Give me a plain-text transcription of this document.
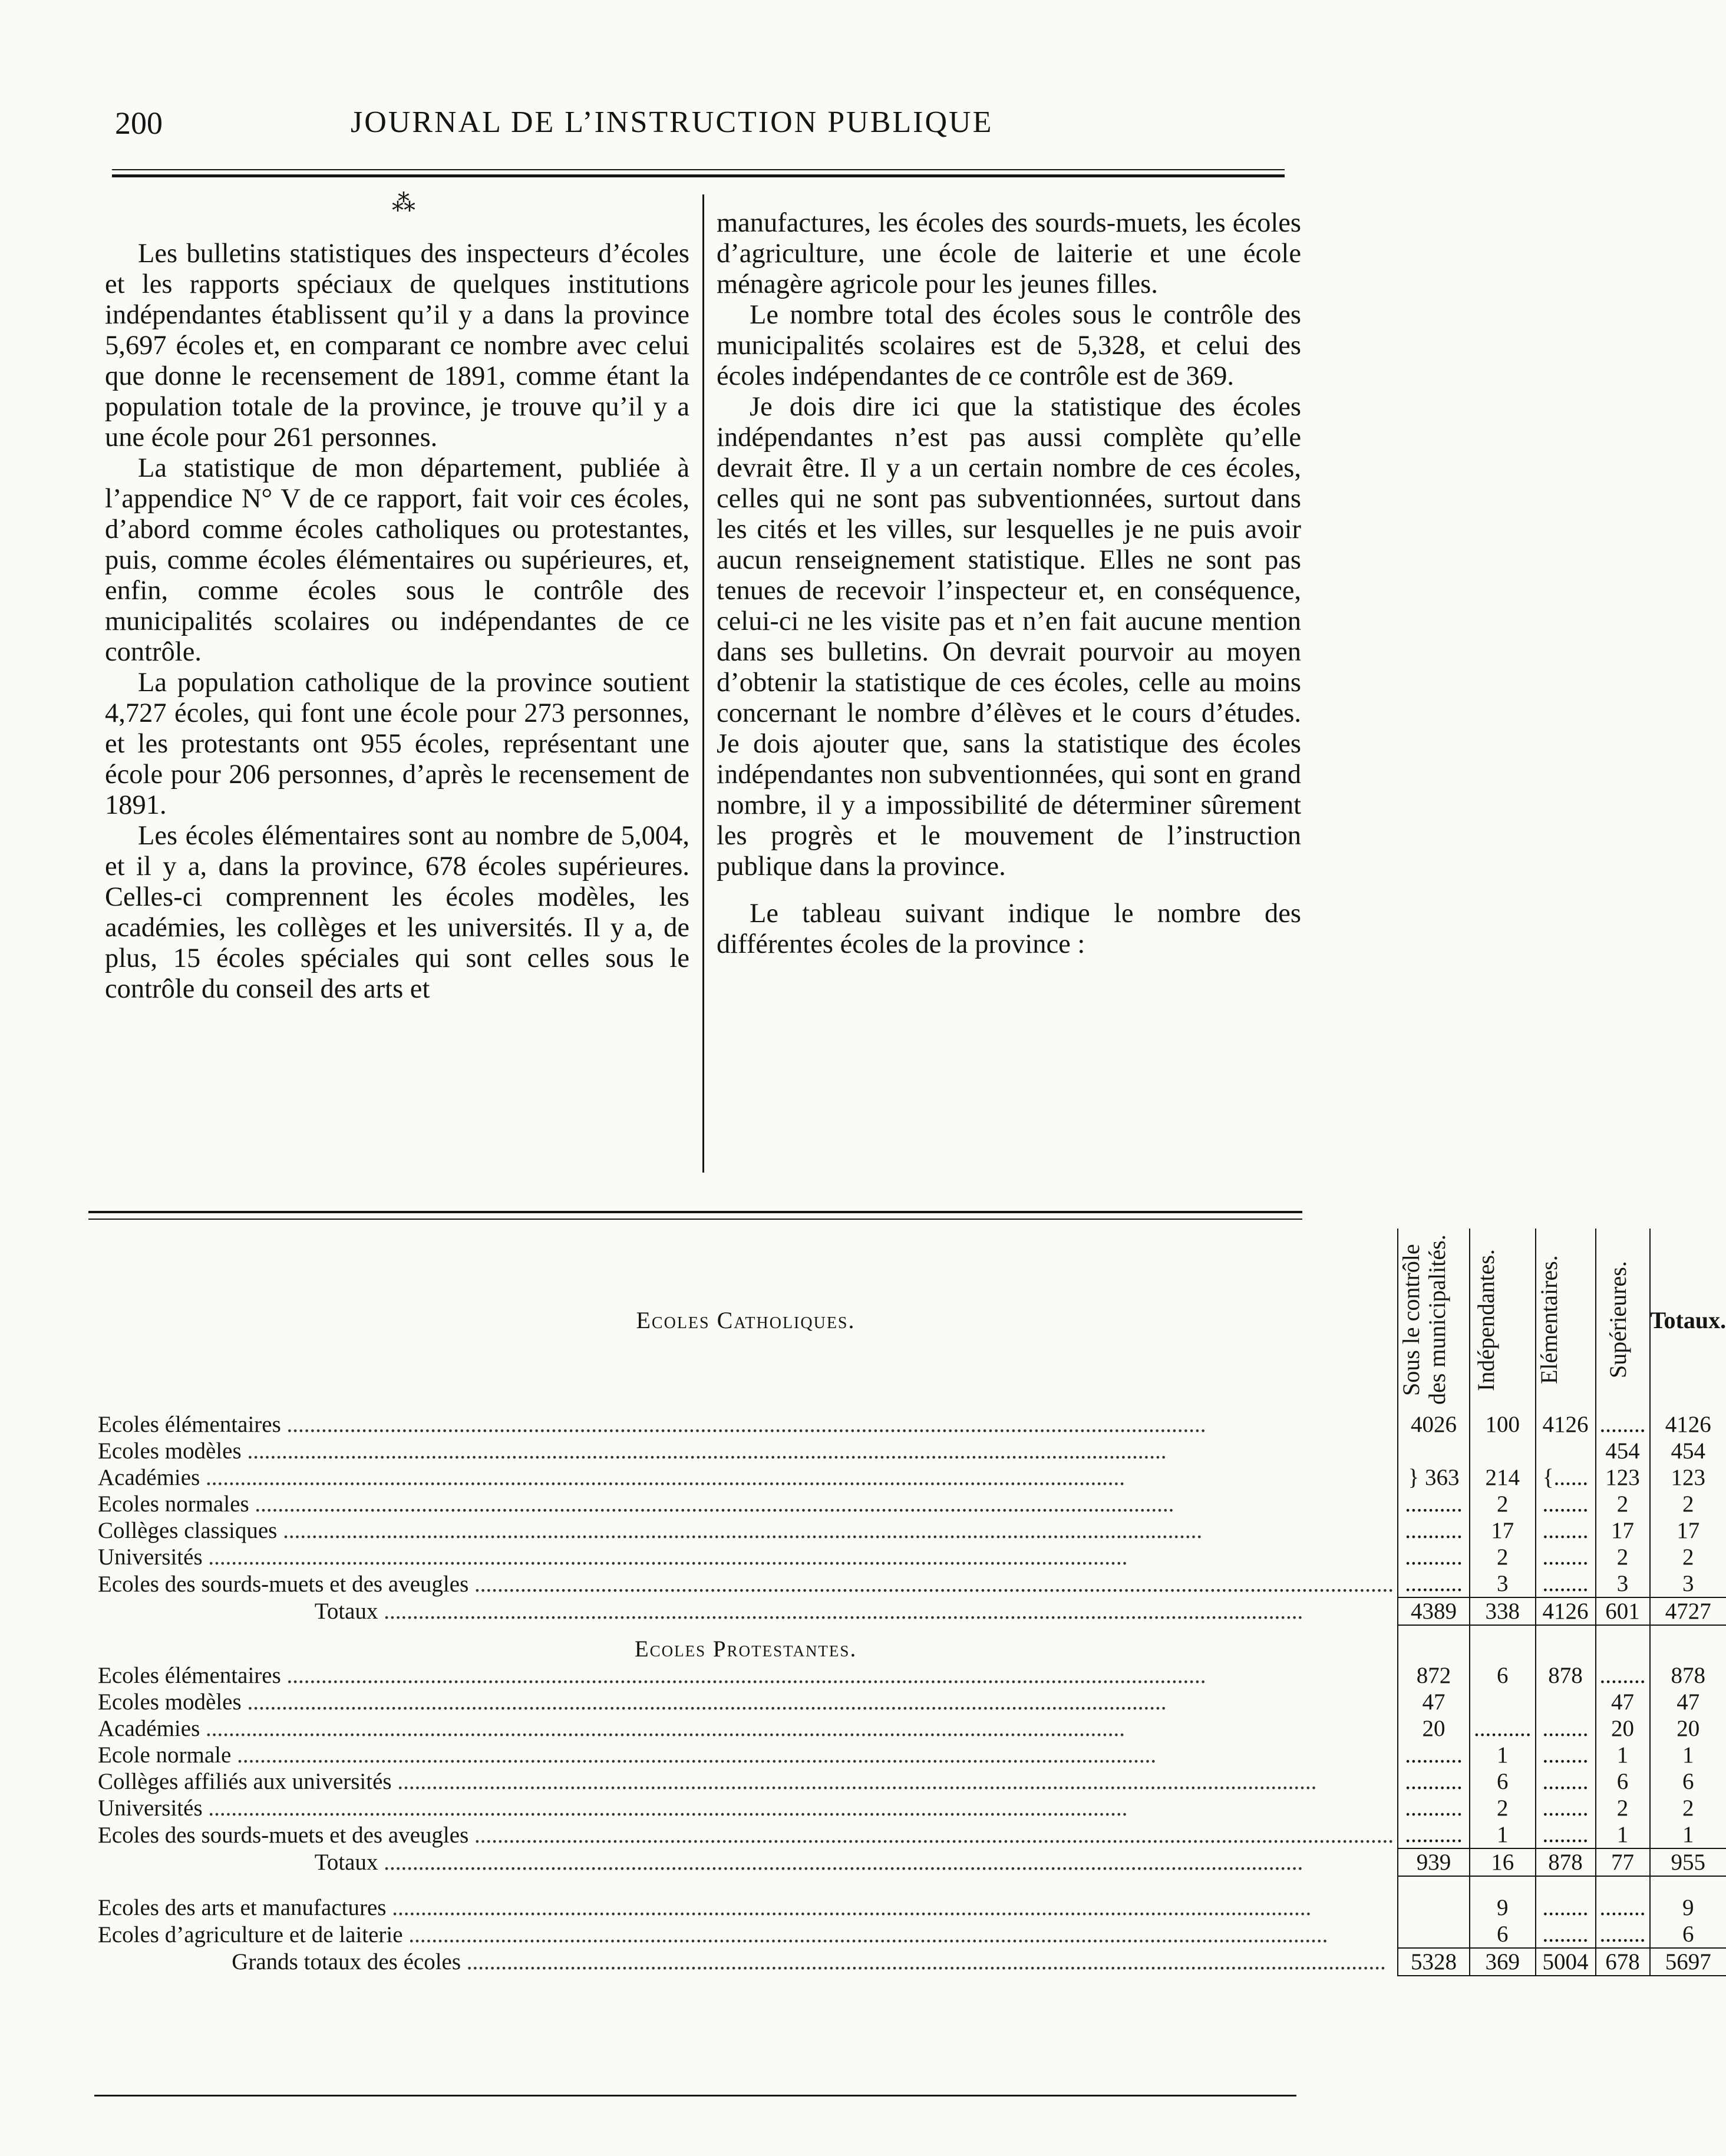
200	JOURNAL DE L’INSTRUCTION PUBLIQUE
⁂

Les bulletins statistiques des inspecteurs d’écoles et les rapports spéciaux de quelques institutions indépendantes établissent qu’il y a dans la province 5,697 écoles et, en comparant ce nombre avec celui que donne le recensement de 1891, comme étant la population totale de la province, je trouve qu’il y a une école pour 261 personnes.

La statistique de mon département, publiée à l’appendice N° V de ce rapport, fait voir ces écoles, d’abord comme écoles catholiques ou protestantes, puis, comme écoles élémentaires ou supérieures, et, enfin, comme écoles sous le contrôle des municipalités scolaires ou indépendantes de ce contrôle.

La population catholique de la province soutient 4,727 écoles, qui font une école pour 273 personnes, et les protestants ont 955 écoles, représentant une école pour 206 personnes, d’après le recensement de 1891.

Les écoles élémentaires sont au nombre de 5,004, et il y a, dans la province, 678 écoles supérieures. Celles-ci comprennent les écoles modèles, les académies, les collèges et les universités. Il y a, de plus, 15 écoles spéciales qui sont celles sous le contrôle du conseil des arts et

manufactures, les écoles des sourds-muets, les écoles d’agriculture, une école de laiterie et une école ménagère agricole pour les jeunes filles.

Le nombre total des écoles sous le contrôle des municipalités scolaires est de 5,328, et celui des écoles indépendantes de ce contrôle est de 369.

Je dois dire ici que la statistique des écoles indépendantes n’est pas aussi complète qu’elle devrait être. Il y a un certain nombre de ces écoles, celles qui ne sont pas subventionnées, surtout dans les cités et les villes, sur lesquelles je ne puis avoir aucun renseignement statistique. Elles ne sont pas tenues de recevoir l’inspecteur et, en conséquence, celui-ci ne les visite pas et n’en fait aucune mention dans ses bulletins. On devrait pourvoir au moyen d’obtenir la statistique de ces écoles, celle au moins concernant le nombre d’élèves et le cours d’études. Je dois ajouter que, sans la statistique des écoles indépendantes non subventionnées, qui sont en grand nombre, il y a impossibilité de déterminer sûrement les progrès et le mouvement de l’instruction publique dans la province.

Le tableau suivant indique le nombre des différentes écoles de la province :

Ecoles Catholiques.	Sous le contrôle des municipalités.	Indépendantes.	Elémentaires.	Supérieures.	Totaux.
Ecoles élémentaires ................................................................................................................................................................	4026	100	4126	........	4126
Ecoles modèles ................................................................................................................................................................				454	454
Académies ................................................................................................................................................................	} 363	214	{......	123	123
Ecoles normales ................................................................................................................................................................	..........	2	........	2	2
Collèges classiques ................................................................................................................................................................	..........	17	........	17	17
Universités ................................................................................................................................................................	..........	2	........	2	2
Ecoles des sourds-muets et des aveugles ................................................................................................................................................................	..........	3	........	3	3
Totaux ................................................................................................................................................................	4389	338	4126	601	4727
Ecoles Protestantes.					
Ecoles élémentaires ................................................................................................................................................................	872	6	878	........	878
Ecoles modèles ................................................................................................................................................................	47			47	47
Académies ................................................................................................................................................................	20	..........	........	20	20
Ecole normale ................................................................................................................................................................	..........	1	........	1	1
Collèges affiliés aux universités ................................................................................................................................................................	..........	6	........	6	6
Universités ................................................................................................................................................................	..........	2	........	2	2
Ecoles des sourds-muets et des aveugles ................................................................................................................................................................	..........	1	........	1	1
Totaux ................................................................................................................................................................	939	16	878	77	955

Ecoles des arts et manufactures ................................................................................................................................................................		9	........	........	9
Ecoles d’agriculture et de laiterie ................................................................................................................................................................		6	........	........	6
Grands totaux des écoles ................................................................................................................................................................	5328	369	5004	678	5697
